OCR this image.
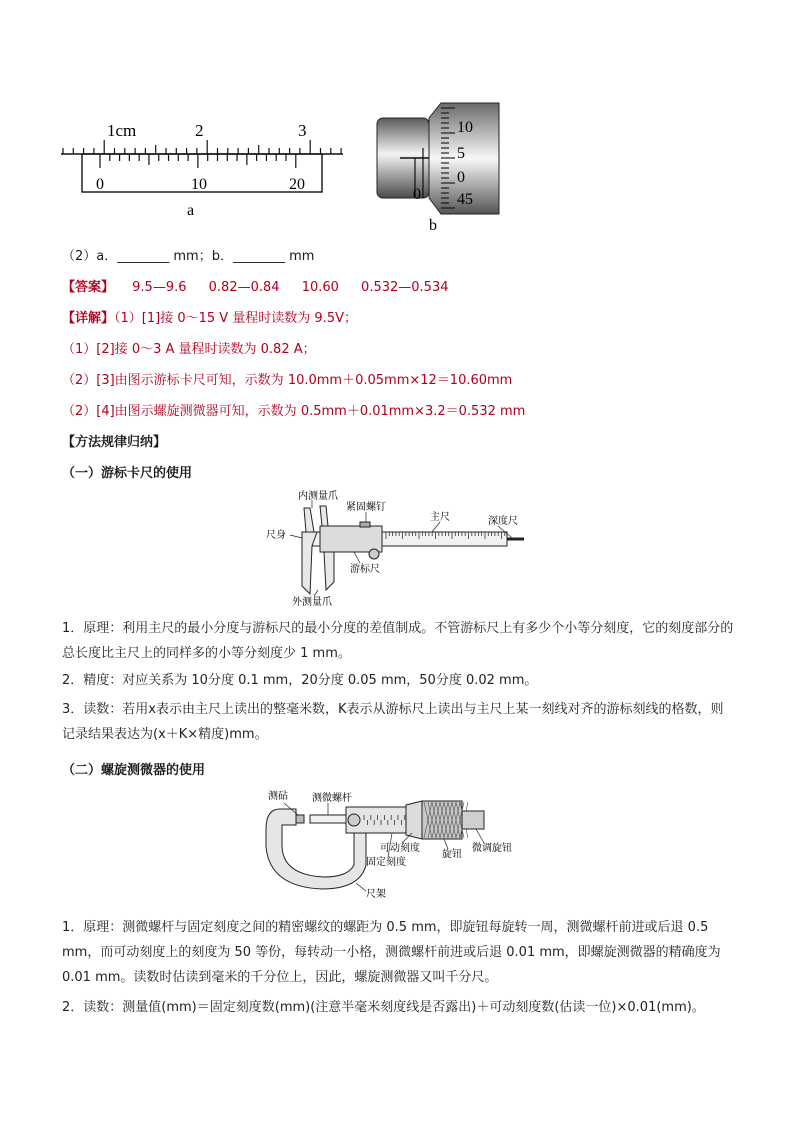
1cm	2	3
0	10	20
a
10
5
0
45
0
b
（2）a．________ mm；b．________ mm
【答案】 9.5—9.6 0.82—0.84 10.60 0.532—0.534
【详解】（1）[1]接 0～15 V 量程时读数为 9.5V；
（1）[2]接 0～3 A 量程时读数为 0.82 A；
（2）[3]由图示游标卡尺可知，示数为 10.0mm＋0.05mm×12＝10.60mm
（2）[4]由图示螺旋测微器可知，示数为 0.5mm＋0.01mm×3.2＝0.532 mm
【方法规律归纳】
（一）游标卡尺的使用
内测量爪
紧固螺钉
主尺	深度尺
尺身
游标尺
外测量爪
1．原理：利用主尺的最小分度与游标尺的最小分度的差值制成。不管游标尺上有多少个小等分刻度，它的刻度部分的总长度比主尺上的同样多的小等分刻度少 1 mm。
2．精度：对应关系为 10分度 0.1 mm，20分度 0.05 mm，50分度 0.02 mm。
3．读数：若用x表示由主尺上读出的整毫米数，K表示从游标尺上读出与主尺上某一刻线对齐的游标刻线的格数，则记录结果表达为(x＋K×精度)mm。
（二）螺旋测微器的使用
测砧 测微螺杆
可动刻度
固定刻度
旋钮
微调旋钮
尺架
1．原理：测微螺杆与固定刻度之间的精密螺纹的螺距为 0.5 mm，即旋钮每旋转一周，测微螺杆前进或后退 0.5 mm，而可动刻度上的刻度为 50 等份，每转动一小格，测微螺杆前进或后退 0.01 mm，即螺旋测微器的精确度为 0.01 mm。读数时估读到毫米的千分位上，因此，螺旋测微器又叫千分尺。
2．读数：测量值(mm)＝固定刻度数(mm)(注意半毫米刻度线是否露出)＋可动刻度数(估读一位)×0.01(mm)。
